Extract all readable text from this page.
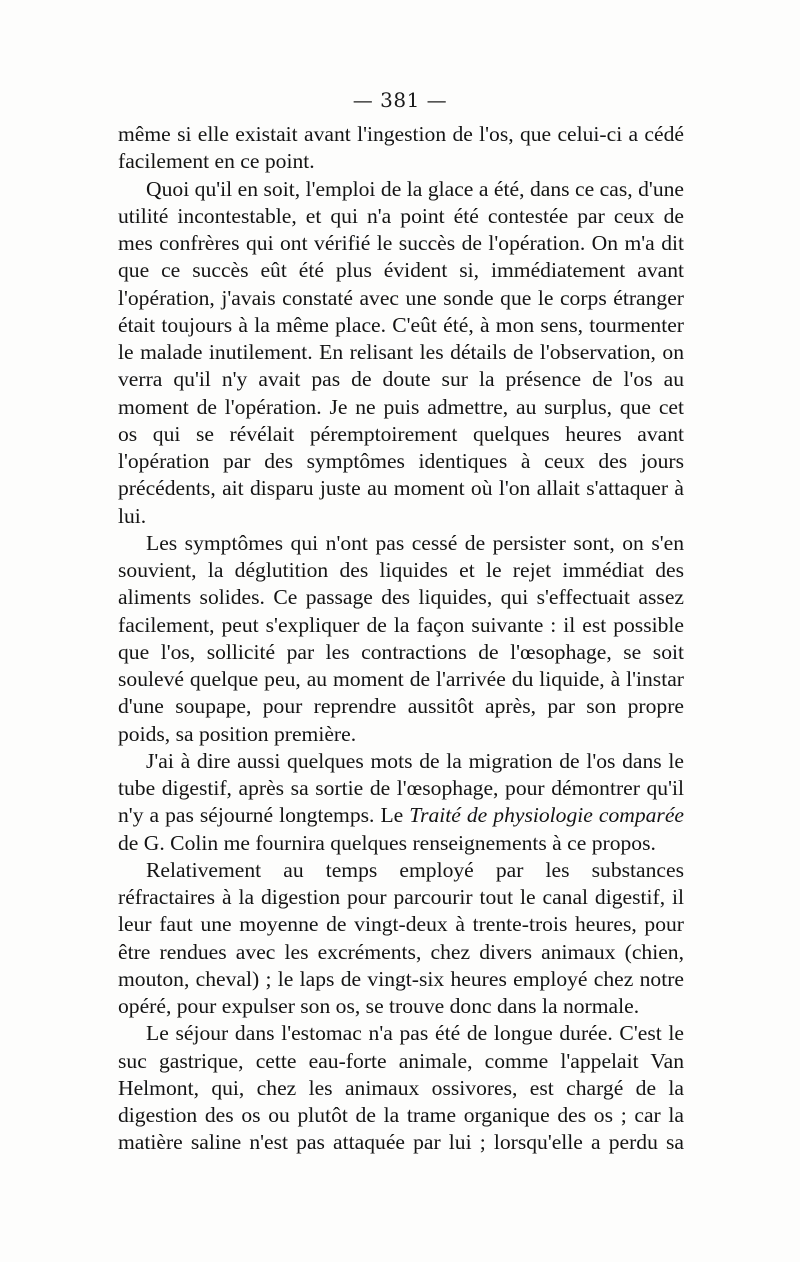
— 381 —

même si elle existait avant l'ingestion de l'os, que celui-ci a cédé facilement en ce point.

Quoi qu'il en soit, l'emploi de la glace a été, dans ce cas, d'une utilité incontestable, et qui n'a point été contestée par ceux de mes confrères qui ont vérifié le succès de l'opération. On m'a dit que ce succès eût été plus évident si, immédiatement avant l'opération, j'avais constaté avec une sonde que le corps étranger était toujours à la même place. C'eût été, à mon sens, tourmenter le malade inutilement. En relisant les détails de l'observation, on verra qu'il n'y avait pas de doute sur la présence de l'os au moment de l'opération. Je ne puis admettre, au surplus, que cet os qui se révélait péremptoirement quelques heures avant l'opération par des symptômes identiques à ceux des jours précédents, ait disparu juste au moment où l'on allait s'attaquer à lui.

Les symptômes qui n'ont pas cessé de persister sont, on s'en souvient, la déglutition des liquides et le rejet immédiat des aliments solides. Ce passage des liquides, qui s'effectuait assez facilement, peut s'expliquer de la façon suivante : il est possible que l'os, sollicité par les contractions de l'œsophage, se soit soulevé quelque peu, au moment de l'arrivée du liquide, à l'instar d'une soupape, pour reprendre aussitôt après, par son propre poids, sa position première.

J'ai à dire aussi quelques mots de la migration de l'os dans le tube digestif, après sa sortie de l'œsophage, pour démontrer qu'il n'y a pas séjourné longtemps. Le Traité de physiologie comparée de G. Colin me fournira quelques renseignements à ce propos.

Relativement au temps employé par les substances réfractaires à la digestion pour parcourir tout le canal digestif, il leur faut une moyenne de vingt-deux à trente-trois heures, pour être rendues avec les excréments, chez divers animaux (chien, mouton, cheval) ; le laps de vingt-six heures employé chez notre opéré, pour expulser son os, se trouve donc dans la normale.

Le séjour dans l'estomac n'a pas été de longue durée. C'est le suc gastrique, cette eau-forte animale, comme l'appelait Van Helmont, qui, chez les animaux ossivores, est chargé de la digestion des os ou plutôt de la trame organique des os ; car la matière saline n'est pas attaquée par lui ; lorsqu'elle a perdu sa
